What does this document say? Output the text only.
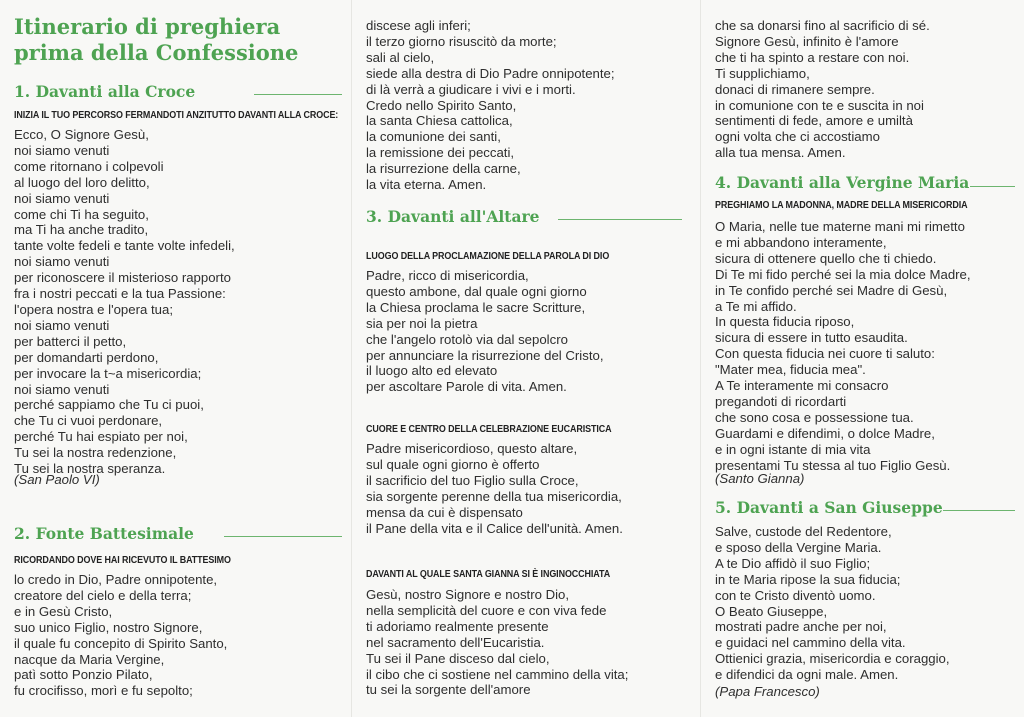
Itinerario di preghiera
prima della Confessione
1. Davanti alla Croce

INIZIA IL TUO PERCORSO FERMANDOTI ANZITUTTO DAVANTI ALLA CROCE:

Ecco, O Signore Gesù,
noi siamo venuti
come ritornano i colpevoli
al luogo del loro delitto,
noi siamo venuti
come chi Ti ha seguito,
ma Ti ha anche tradito,
tante volte fedeli e tante volte infedeli,
noi siamo venuti
per riconoscere il misterioso rapporto
fra i nostri peccati e la tua Passione:
l'opera nostra e l'opera tua;
noi siamo venuti
per batterci il petto,
per domandarti perdono,
per invocare la t~a misericordia;
noi siamo venuti
perché sappiamo che Tu ci puoi,
che Tu ci vuoi perdonare,
perché Tu hai espiato per noi,
Tu sei la nostra redenzione,
Tu sei la nostra speranza.

(San Paolo VI)

2. Fonte Battesimale

RICORDANDO DOVE HAI RICEVUTO IL BATTESIMO

lo credo in Dio, Padre onnipotente,
creatore del cielo e della terra;
e in Gesù Cristo,
suo unico Figlio, nostro Signore,
il quale fu concepito di Spirito Santo,
nacque da Maria Vergine,
patì sotto Ponzio Pilato,
fu crocifisso, morì e fu sepolto;

discese agli inferi;
il terzo giorno risuscitò da morte;
sali al cielo,
siede alla destra di Dio Padre onnipotente;
di là verrà a giudicare i vivi e i morti.
Credo nello Spirito Santo,
la santa Chiesa cattolica,
la comunione dei santi,
la remissione dei peccati,
la risurrezione della carne,
la vita eterna. Amen.

3. Davanti all'Altare

LUOGO DELLA PROCLAMAZIONE DELLA PAROLA DI DIO

Padre, ricco di misericordia,
questo ambone, dal quale ogni giorno
la Chiesa proclama le sacre Scritture,
sia per noi la pietra
che l'angelo rotolò via dal sepolcro
per annunciare la risurrezione del Cristo,
il luogo alto ed elevato
per ascoltare Parole di vita. Amen.

CUORE E CENTRO DELLA CELEBRAZIONE EUCARISTICA

Padre misericordioso, questo altare,
sul quale ogni giorno è offerto
il sacrificio del tuo Figlio sulla Croce,
sia sorgente perenne della tua misericordia,
mensa da cui è dispensato
il Pane della vita e il Calice dell'unità. Amen.

DAVANTI AL QUALE SANTA GIANNA SI È INGINOCCHIATA

Gesù, nostro Signore e nostro Dio,
nella semplicità del cuore e con viva fede
ti adoriamo realmente presente
nel sacramento dell'Eucaristia.
Tu sei il Pane disceso dal cielo,
il cibo che ci sostiene nel cammino della vita;
tu sei la sorgente dell'amore

che sa donarsi fino al sacrificio di sé.
Signore Gesù, infinito è l'amore
che ti ha spinto a restare con noi.
Ti supplichiamo,
donaci di rimanere sempre.
in comunione con te e suscita in noi
sentimenti di fede, amore e umiltà
ogni volta che ci accostiamo
alla tua mensa. Amen.

4. Davanti alla Vergine Maria

PREGHIAMO LA MADONNA, MADRE DELLA MISERICORDIA

O Maria, nelle tue materne mani mi rimetto
e mi abbandono interamente,
sicura di ottenere quello che ti chiedo.
Di Te mi fido perché sei la mia dolce Madre,
in Te confido perché sei Madre di Gesù,
a Te mi affido.
In questa fiducia riposo,
sicura di essere in tutto esaudita.
Con questa fiducia nei cuore ti saluto:
"Mater mea, fiducia mea".
A Te interamente mi consacro
pregandoti di ricordarti
che sono cosa e possessione tua.
Guardami e difendimi, o dolce Madre,
e in ogni istante di mia vita
presentami Tu stessa al tuo Figlio Gesù.

(Santo Gianna)

5. Davanti a San Giuseppe

Salve, custode del Redentore,
e sposo della Vergine Maria.
A te Dio affidò il suo Figlio;
in te Maria ripose la sua fiducia;
con te Cristo diventò uomo.
O Beato Giuseppe,
mostrati padre anche per noi,
e guidaci nel cammino della vita.
Ottienici grazia, misericordia e coraggio,
e difendici da ogni male. Amen.

(Papa Francesco)
